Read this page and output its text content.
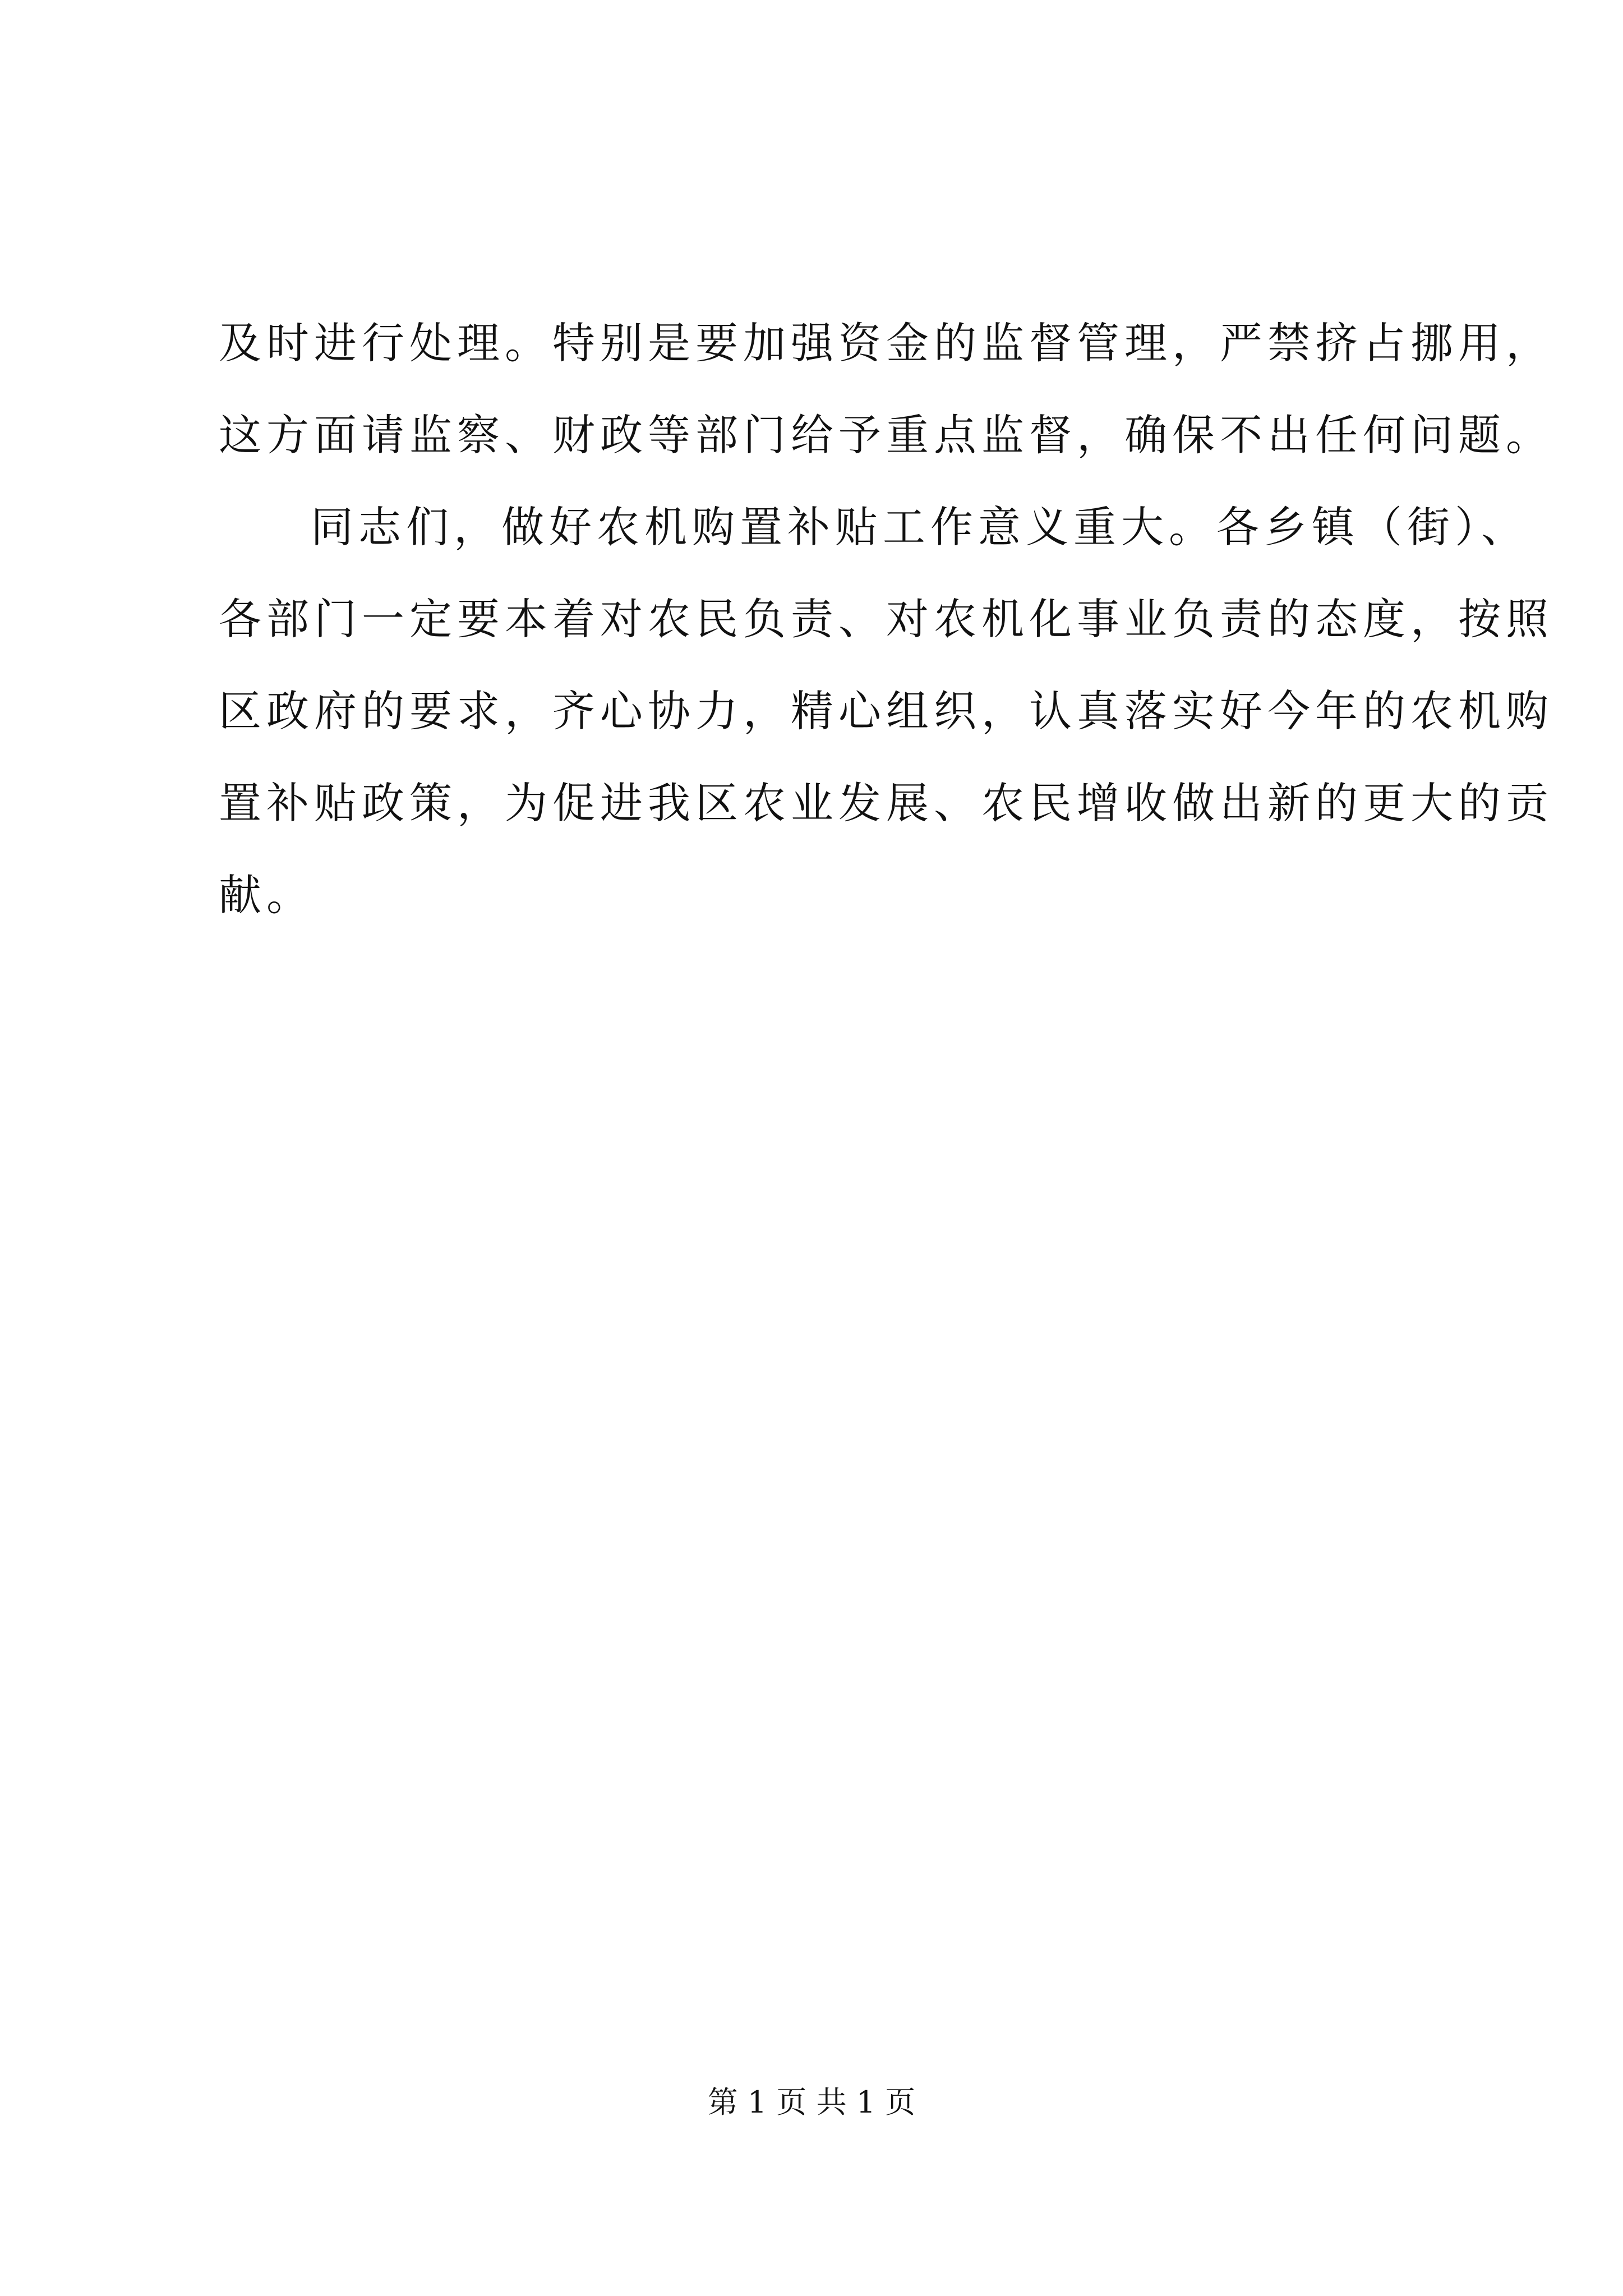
及时进行处理。特别是要加强资金的监督管理，严禁挤占挪用，
这方面请监察、财政等部门给予重点监督，确保不出任何问题。
同志们，做好农机购置补贴工作意义重大。各乡镇（街）、
各部门一定要本着对农民负责、对农机化事业负责的态度，按照
区政府的要求，齐心协力，精心组织，认真落实好今年的农机购
置补贴政策，为促进我区农业发展、农民增收做出新的更大的贡
献。
第 1 页 共 1 页
